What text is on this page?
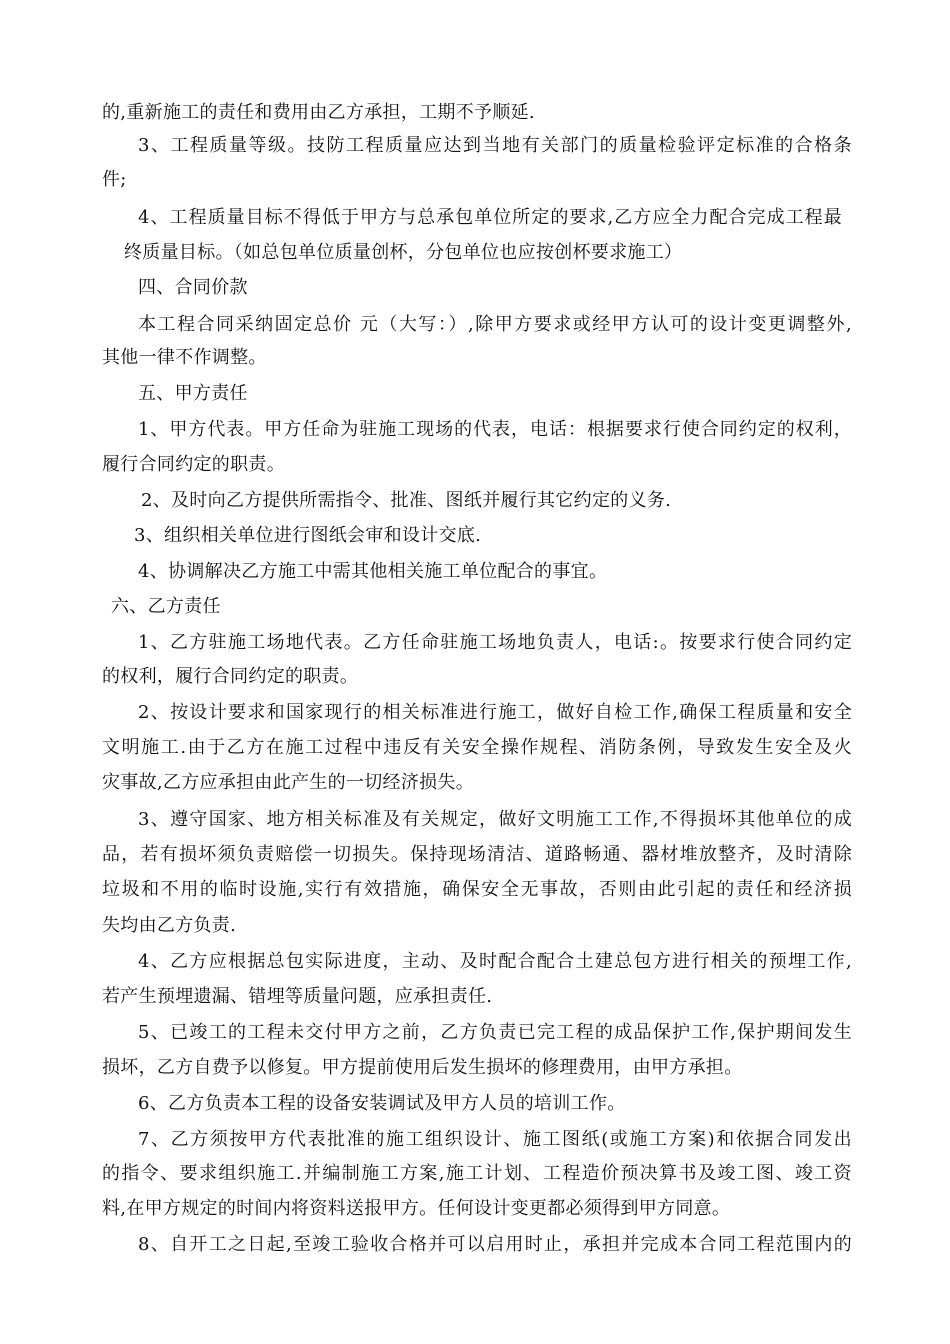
的,重新施工的责任和费用由乙方承担，工期不予顺延.
3、工程质量等级。技防工程质量应达到当地有关部门的质量检验评定标准的合格条
件;
4、工程质量目标不得低于甲方与总承包单位所定的要求,乙方应全力配合完成工程最
终质量目标。（如总包单位质量创杯，分包单位也应按创杯要求施工）
四、合同价款
本工程合同采纳固定总价 元（大写：）,除甲方要求或经甲方认可的设计变更调整外,
其他一律不作调整。
五、甲方责任
1、甲方代表。甲方任命为驻施工现场的代表，电话：根据要求行使合同约定的权利，
履行合同约定的职责。
2、及时向乙方提供所需指令、批准、图纸并履行其它约定的义务.
3、组织相关单位进行图纸会审和设计交底.
4、协调解决乙方施工中需其他相关施工单位配合的事宜。
六、乙方责任
1、乙方驻施工场地代表。乙方任命驻施工场地负责人，电话:。按要求行使合同约定
的权利，履行合同约定的职责。
2、按设计要求和国家现行的相关标准进行施工，做好自检工作,确保工程质量和安全
文明施工.由于乙方在施工过程中违反有关安全操作规程、消防条例，导致发生安全及火
灾事故,乙方应承担由此产生的一切经济损失。
3、遵守国家、地方相关标准及有关规定，做好文明施工工作,不得损坏其他单位的成
品，若有损坏须负责赔偿一切损失。保持现场清洁、道路畅通、器材堆放整齐，及时清除
垃圾和不用的临时设施,实行有效措施，确保安全无事故，否则由此引起的责任和经济损
失均由乙方负责.
4、乙方应根据总包实际进度，主动、及时配合配合土建总包方进行相关的预埋工作,
若产生预埋遗漏、错埋等质量问题，应承担责任.
5、已竣工的工程未交付甲方之前，乙方负责已完工程的成品保护工作,保护期间发生
损坏，乙方自费予以修复。甲方提前使用后发生损坏的修理费用，由甲方承担。
6、乙方负责本工程的设备安装调试及甲方人员的培训工作。
7、乙方须按甲方代表批准的施工组织设计、施工图纸(或施工方案)和依据合同发出
的指令、要求组织施工.并编制施工方案,施工计划、工程造价预决算书及竣工图、竣工资
料,在甲方规定的时间内将资料送报甲方。任何设计变更都必须得到甲方同意。
8、自开工之日起,至竣工验收合格并可以启用时止，承担并完成本合同工程范围内的
